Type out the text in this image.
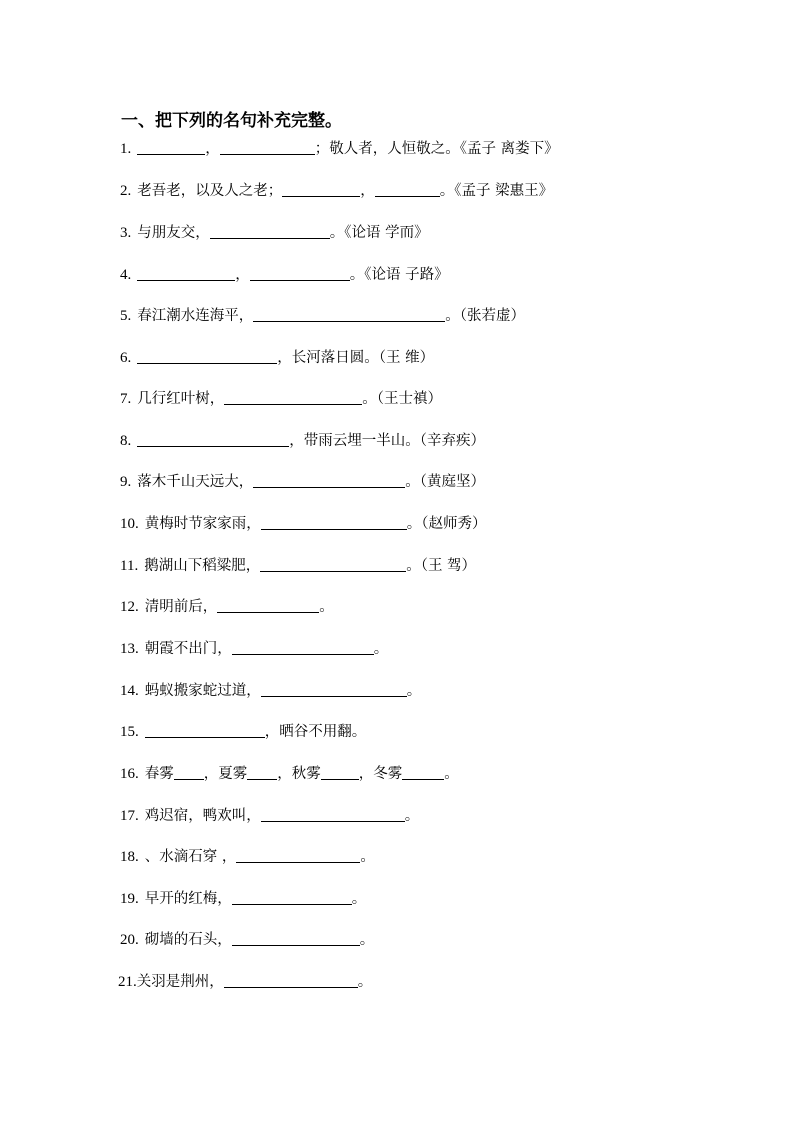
一、把下列的名句补充完整。
1.	，	；敬人者，人恒敬之。《孟子 离娄下》
2. 老吾老，以及人之老；	，	。《孟子 梁惠王》
3. 与朋友交，	。《论语 学而》
4.	，	。《论语 子路》
5. 春江潮水连海平，	。（张若虚）
6.	，长河落日圆。（王 维）
7. 几行红叶树，	。（王士禛）
8.	，带雨云埋一半山。（辛弃疾）
9. 落木千山天远大，	。（黄庭坚）
10. 黄梅时节家家雨，	。（赵师秀）
11. 鹅湖山下稻粱肥，	。（王 驾）
12. 清明前后，	。
13. 朝霞不出门，	。
14. 蚂蚁搬家蛇过道，	。
15.	，晒谷不用翻。
16. 春雾 ，夏雾 ，秋雾	，冬雾	。
17. 鸡迟宿，鸭欢叫，	。
18. 、水滴石穿 ，	。
19. 早开的红梅，	。
20. 砌墙的石头，	。
21.关羽是荆州，	。
